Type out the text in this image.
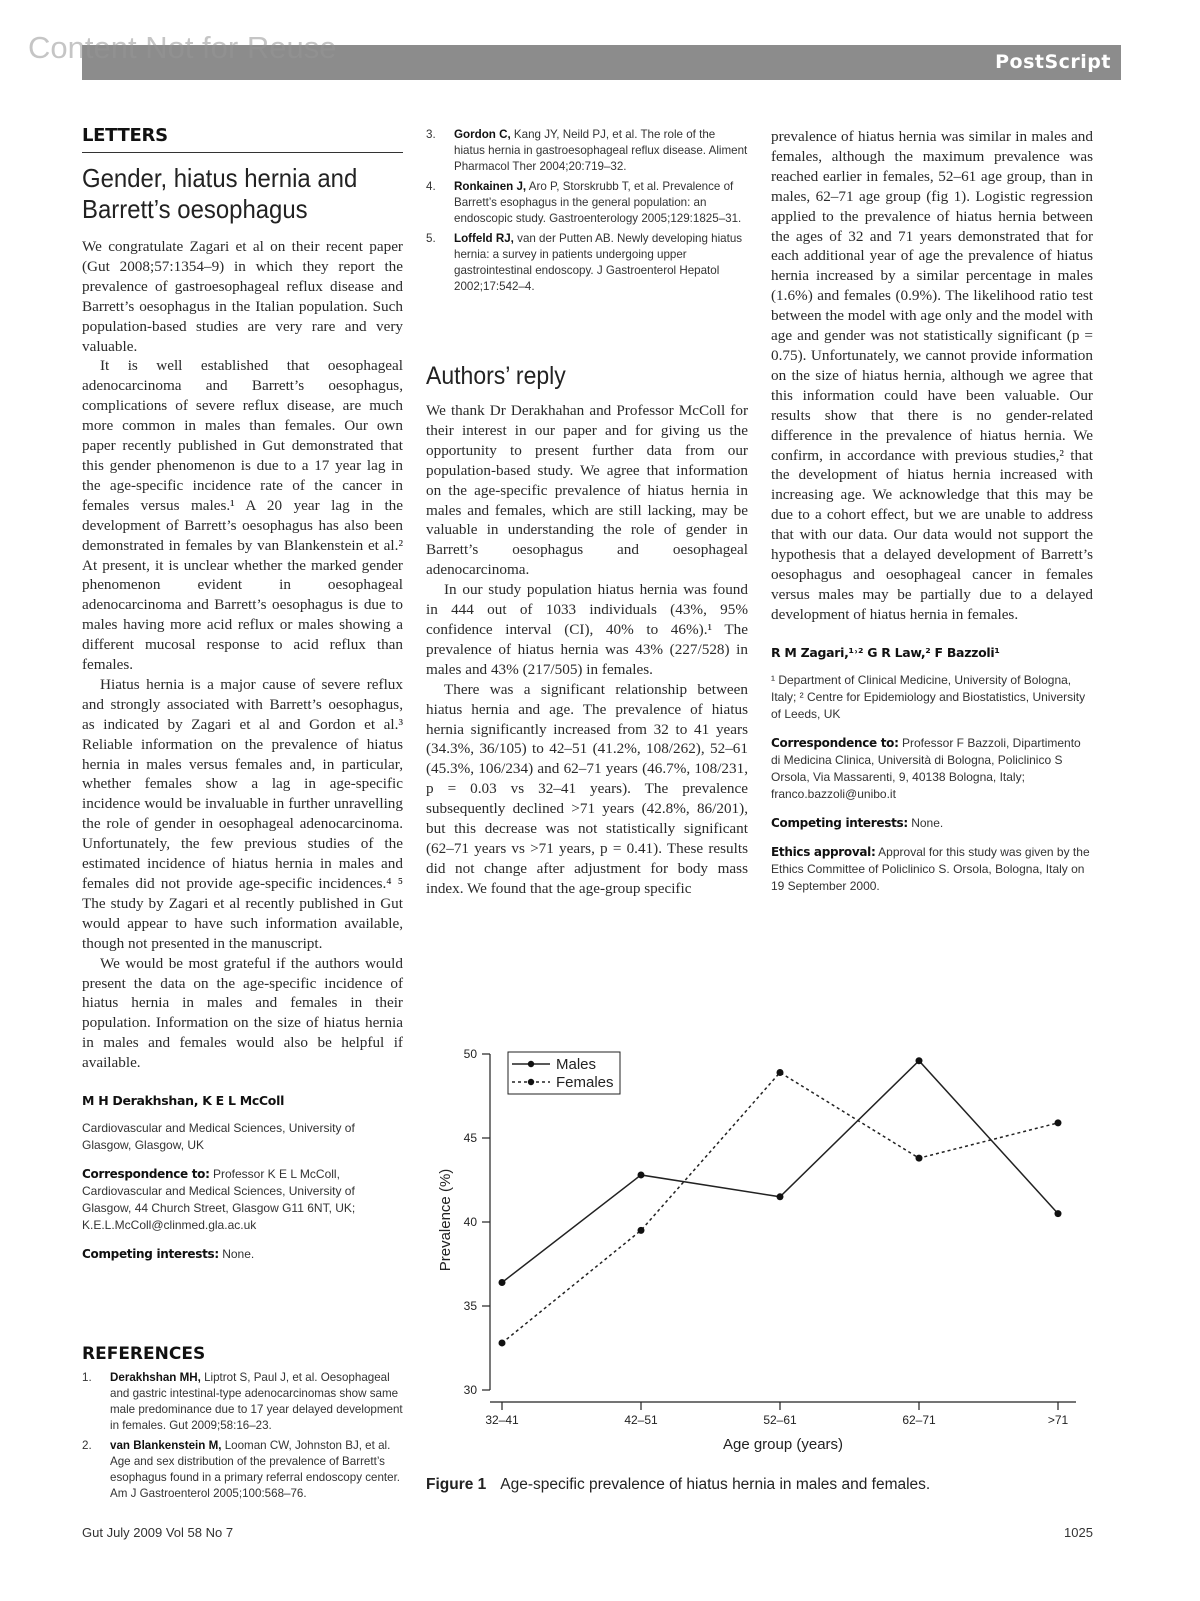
Content Not for Reuse	PostScript
LETTERS
Gender, hiatus hernia and Barrett’s oesophagus

We congratulate Zagari et al on their recent paper (Gut 2008;57:1354–9) in which they report the prevalence of gastroesophageal reflux disease and Barrett’s oesophagus in the Italian population. Such population-based studies are very rare and very valuable.

It is well established that oesophageal adenocarcinoma and Barrett’s oesophagus, complications of severe reflux disease, are much more common in males than females. Our own paper recently published in Gut demonstrated that this gender phenomenon is due to a 17 year lag in the age-specific incidence rate of the cancer in females versus males.¹ A 20 year lag in the development of Barrett’s oesophagus has also been demonstrated in females by van Blankenstein et al.² At present, it is unclear whether the marked gender phenomenon evident in oesophageal adenocarcinoma and Barrett’s oesophagus is due to males having more acid reflux or males showing a different mucosal response to acid reflux than females.

Hiatus hernia is a major cause of severe reflux and strongly associated with Barrett’s oesophagus, as indicated by Zagari et al and Gordon et al.³ Reliable information on the prevalence of hiatus hernia in males versus females and, in particular, whether females show a lag in age-specific incidence would be invaluable in further unravelling the role of gender in oesophageal adenocarcinoma. Unfortunately, the few previous studies of the estimated incidence of hiatus hernia in males and females did not provide age-specific incidences.⁴ ⁵ The study by Zagari et al recently published in Gut would appear to have such information available, though not presented in the manuscript.

We would be most grateful if the authors would present the data on the age-specific incidence of hiatus hernia in males and females in their population. Information on the size of hiatus hernia in males and females would also be helpful if available.

M H Derakhshan, K E L McColl
Cardiovascular and Medical Sciences, University of Glasgow, Glasgow, UK
Correspondence to: Professor K E L McColl, Cardiovascular and Medical Sciences, University of Glasgow, 44 Church Street, Glasgow G11 6NT, UK; K.E.L.McColl@clinmed.gla.ac.uk
Competing interests: None.
REFERENCES
1. Derakhshan MH, Liptrot S, Paul J, et al. Oesophageal and gastric intestinal-type adenocarcinomas show same male predominance due to 17 year delayed development in females. Gut 2009;58:16–23.
2. van Blankenstein M, Looman CW, Johnston BJ, et al. Age and sex distribution of the prevalence of Barrett’s esophagus found in a primary referral endoscopy center. Am J Gastroenterol 2005;100:568–76.
3. Gordon C, Kang JY, Neild PJ, et al. The role of the hiatus hernia in gastroesophageal reflux disease. Aliment Pharmacol Ther 2004;20:719–32.
4. Ronkainen J, Aro P, Storskrubb T, et al. Prevalence of Barrett’s esophagus in the general population: an endoscopic study. Gastroenterology 2005;129:1825–31.
5. Loffeld RJ, van der Putten AB. Newly developing hiatus hernia: a survey in patients undergoing upper gastrointestinal endoscopy. J Gastroenterol Hepatol 2002;17:542–4.
Authors’ reply

We thank Dr Derakhahan and Professor McColl for their interest in our paper and for giving us the opportunity to present further data from our population-based study. We agree that information on the age-specific prevalence of hiatus hernia in males and females, which are still lacking, may be valuable in understanding the role of gender in Barrett’s oesophagus and oesophageal adenocarcinoma.

In our study population hiatus hernia was found in 444 out of 1033 individuals (43%, 95% confidence interval (CI), 40% to 46%).¹ The prevalence of hiatus hernia was 43% (227/528) in males and 43% (217/505) in females.

There was a significant relationship between hiatus hernia and age. The prevalence of hiatus hernia significantly increased from 32 to 41 years (34.3%, 36/105) to 42–51 (41.2%, 108/262), 52–61 (45.3%, 106/234) and 62–71 years (46.7%, 108/231, p = 0.03 vs 32–41 years). The prevalence subsequently declined >71 years (42.8%, 86/201), but this decrease was not statistically significant (62–71 years vs >71 years, p = 0.41). These results did not change after adjustment for body mass index. We found that the age-group specific

prevalence of hiatus hernia was similar in males and females, although the maximum prevalence was reached earlier in females, 52–61 age group, than in males, 62–71 age group (fig 1). Logistic regression applied to the prevalence of hiatus hernia between the ages of 32 and 71 years demonstrated that for each additional year of age the prevalence of hiatus hernia increased by a similar percentage in males (1.6%) and females (0.9%). The likelihood ratio test between the model with age only and the model with age and gender was not statistically significant (p = 0.75). Unfortunately, we cannot provide information on the size of hiatus hernia, although we agree that this information could have been valuable. Our results show that there is no gender-related difference in the prevalence of hiatus hernia. We confirm, in accordance with previous studies,² that the development of hiatus hernia increased with increasing age. We acknowledge that this may be due to a cohort effect, but we are unable to address that with our data. Our data would not support the hypothesis that a delayed development of Barrett’s oesophagus and oesophageal cancer in females versus males may be partially due to a delayed development of hiatus hernia in females.

R M Zagari,¹˒² G R Law,² F Bazzoli¹
¹ Department of Clinical Medicine, University of Bologna, Italy; ² Centre for Epidemiology and Biostatistics, University of Leeds, UK
Correspondence to: Professor F Bazzoli, Dipartimento di Medicina Clinica, Università di Bologna, Policlinico S Orsola, Via Massarenti, 9, 40138 Bologna, Italy; franco.bazzoli@unibo.it
Competing interests: None.
Ethics approval: Approval for this study was given by the Ethics Committee of Policlinico S. Orsola, Bologna, Italy on 19 September 2000.
30
35
40
45
50
32–41	42–51	52–61	62–71	>71
Males
Females
Age group (years)
Prevalence (%)
Figure 1 Age-specific prevalence of hiatus hernia in males and females.
Gut July 2009 Vol 58 No 7	1025
